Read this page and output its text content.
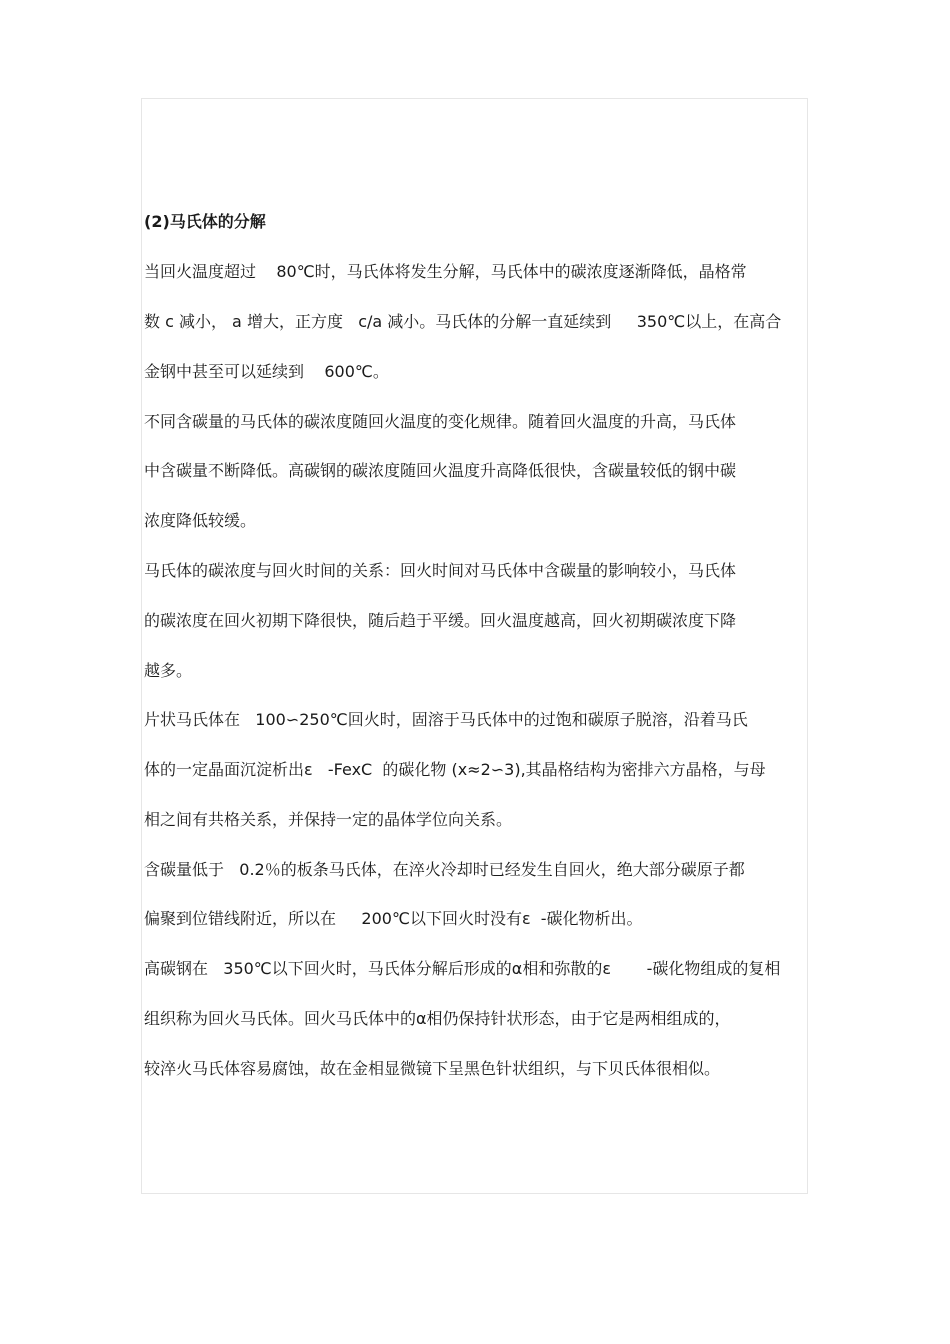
(2)马氏体的分解
当回火温度超过    80℃时，马氏体将发生分解，马氏体中的碳浓度逐渐降低，晶格常
数 c 减小， a 增大，正方度   c/a 减小。马氏体的分解一直延续到     350℃以上，在高合
金钢中甚至可以延续到    600℃。
不同含碳量的马氏体的碳浓度随回火温度的变化规律。随着回火温度的升高，马氏体
中含碳量不断降低。高碳钢的碳浓度随回火温度升高降低很快，含碳量较低的钢中碳
浓度降低较缓。
马氏体的碳浓度与回火时间的关系：回火时间对马氏体中含碳量的影响较小，马氏体
的碳浓度在回火初期下降很快，随后趋于平缓。回火温度越高，回火初期碳浓度下降
越多。
片状马氏体在   100∽250℃回火时，固溶于马氏体中的过饱和碳原子脱溶，沿着马氏
体的一定晶面沉淀析出ε   -FexC  的碳化物 (x≈2∽3),其晶格结构为密排六方晶格，与母
相之间有共格关系，并保持一定的晶体学位向关系。
含碳量低于   0.2％的板条马氏体，在淬火冷却时已经发生自回火，绝大部分碳原子都
偏聚到位错线附近，所以在     200℃以下回火时没有ε  -碳化物析出。
高碳钢在   350℃以下回火时，马氏体分解后形成的α相和弥散的ε       -碳化物组成的复相
组织称为回火马氏体。回火马氏体中的α相仍保持针状形态，由于它是两相组成的，
较淬火马氏体容易腐蚀，故在金相显微镜下呈黑色针状组织，与下贝氏体很相似。
